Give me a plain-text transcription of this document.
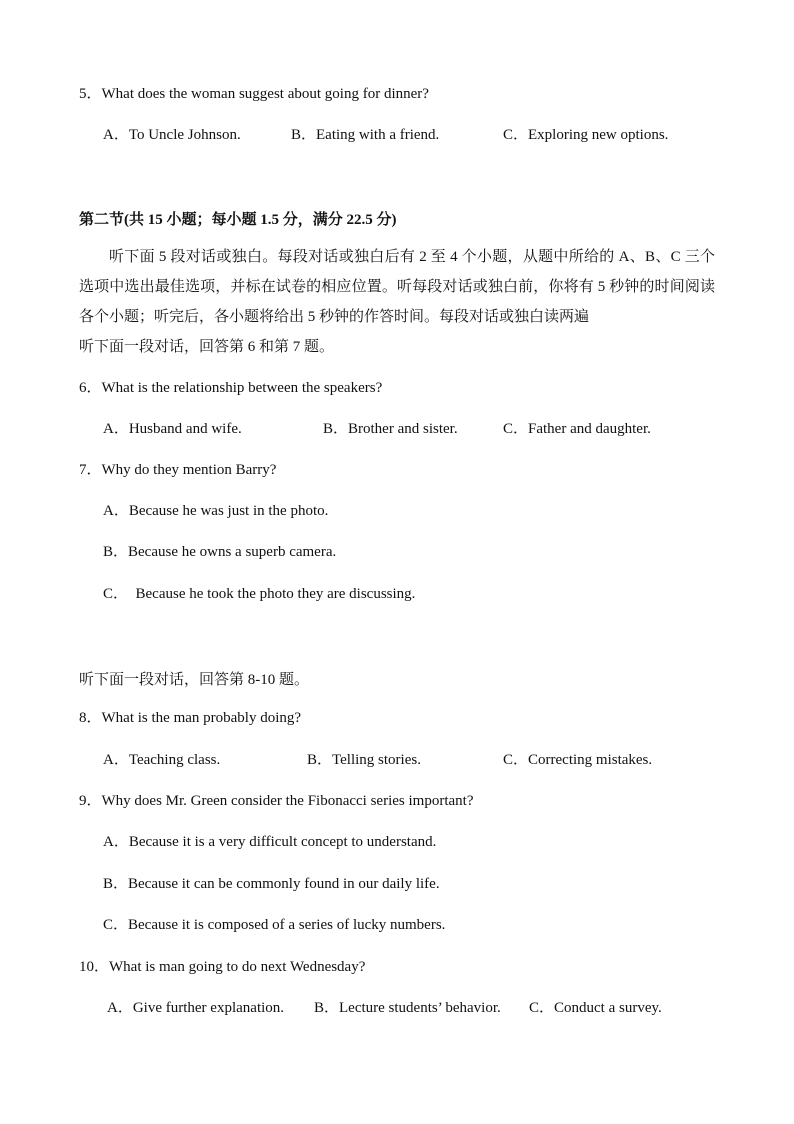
5．What does the woman suggest about going for dinner?
A．To Uncle Johnson.	B．Eating with a friend.	C．Exploring new options.
第二节(共 15 小题；每小题 1.5 分，满分 22.5 分)
听下面 5 段对话或独白。每段对话或独白后有 2 至 4 个小题，从题中所给的 A、B、C 三个选项中选出最佳选项，并标在试卷的相应位置。听每段对话或独白前，你将有 5 秒钟的时间阅读各个小题；听完后，各小题将给出 5 秒钟的作答时间。每段对话或独白读两遍
听下面一段对话，回答第 6 和第 7 题。
6．What is the relationship between the speakers?
A．Husband and wife.	B．Brother and sister.	C．Father and daughter.
7．Why do they mention Barry?
A．Because he was just in the photo.
B．Because he owns a superb camera.
C．  Because he took the photo they are discussing.
听下面一段对话，回答第 8-10 题。
8．What is the man probably doing?
A．Teaching class.	B．Telling stories.	C．Correcting mistakes.
9．Why does Mr. Green consider the Fibonacci series important?
A．Because it is a very difficult concept to understand.
B．Because it can be commonly found in our daily life.
C．Because it is composed of a series of lucky numbers.
10．What is man going to do next Wednesday?
A．Give further explanation. B．Lecture students’ behavior. C．Conduct a survey.
